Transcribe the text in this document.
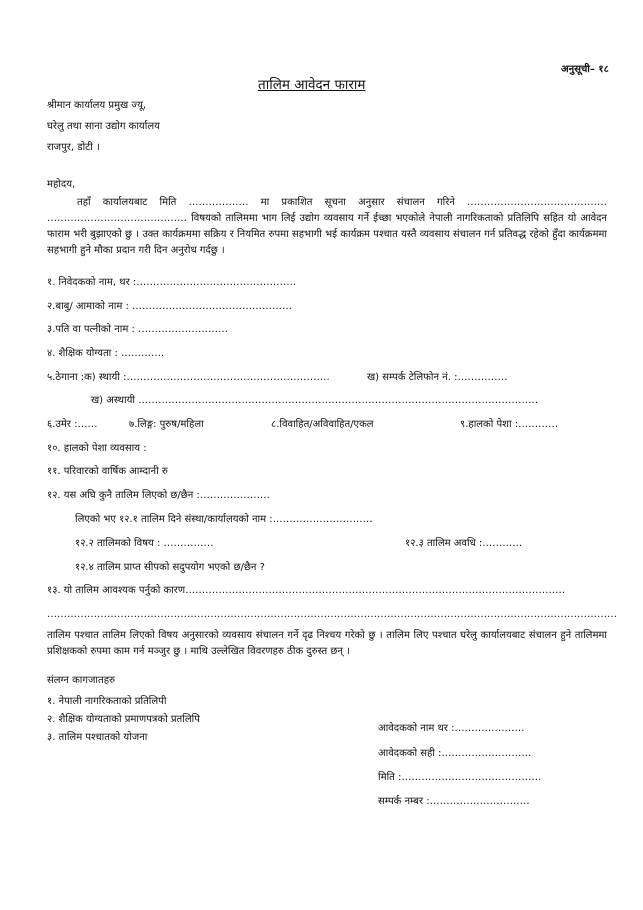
अनुसूची– १८
तालिम आवेदन फाराम
श्रीमान कार्यालय प्रमुख ज्यू,
घरेलु तथा साना उद्योग कार्यालय
राजपुर, डोटी ।
महोदय,
तहाँ कार्यालयबाट मिति ……………… मा प्रकाशित सूचना अनुसार संचालन गरिने …………………………………… …………………………………… विषयको तालिममा भाग लिई उद्योग व्यवसाय गर्ने ईच्छा भएकोले नेपाली नागरिकताको प्रतिलिपि सहित यो आवेदन फाराम भरी बुझाएको छु । उक्त कार्यक्रममा सक्रिय र नियमित रुपमा सहभागी भई कार्यक्रम पश्चात यस्तै व्यवसाय संचालन गर्न प्रतिवद्ध रहेको हुँदा कार्यक्रममा सहभागी हुने मौका प्रदान गरी दिन अनुरोध गर्दछु ।
१. निवेदकको नाम, थर :…………………………………………
२.बाबु/ आमाको नाम : …………………………………………
३.पति वा पत्नीको नाम : ………………………
४. शैक्षिक योग्यता : ………….
५.ठेगाना :क) स्थायी :…………………………………………………….	ख) सम्पर्क टेलिफोन नं. :……………
ख) अस्थायी …………………………………………………………………………………………………………
६.उमेर :……	७.लिङ्ग: पुरुष/महिला	८.विवाहित/अविवाहित/एकल	९.हालको पेशा :…………
१०. हालको पेशा व्यवसाय :
११. परिवारको वार्षिक आम्दानी रु
१२. यस अघि कुनै तालिम लिएको छ/छैन :…………………
लिएको भए १२.१ तालिम दिने संस्था/कार्यालयको नाम :…………………………
१२.२ तालिमको विषय : ……………	१२.३ तालिम अवधि :…………
१२.४ तालिम प्राप्त सीपको सदुपयोग भएको छ/छैन ?
१३. यो तालिम आवश्यक पर्नुको कारण……………………………………………………………………………………………………
………………………………………………………………………………………………………………………………………………………
तालिम पश्चात तालिम लिएको विषय अनुसारको व्यवसाय संचालन गर्ने दृढ निश्चय गरेको छु । तालिम लिए पश्चात घरेलु कार्यालयबाट संचालन हुने तालिममा प्रशिक्षकको रुपमा काम गर्न मञ्जुर छु । माथि उल्लेखित विवरणहरु ठीक दुरुस्त छन् ।
संलग्न कागजातहरु
१. नेपाली नागरिकताको प्रतिलिपी
२. शैक्षिक योग्यताको प्रमाणपत्रको प्रतलिपि
३. तालिम पश्चातको योजना
आवेदकको नाम थर :…………………
आवेदकको सही :………………………
मिति :……………………………………
सम्पर्क नम्बर :…………………………
